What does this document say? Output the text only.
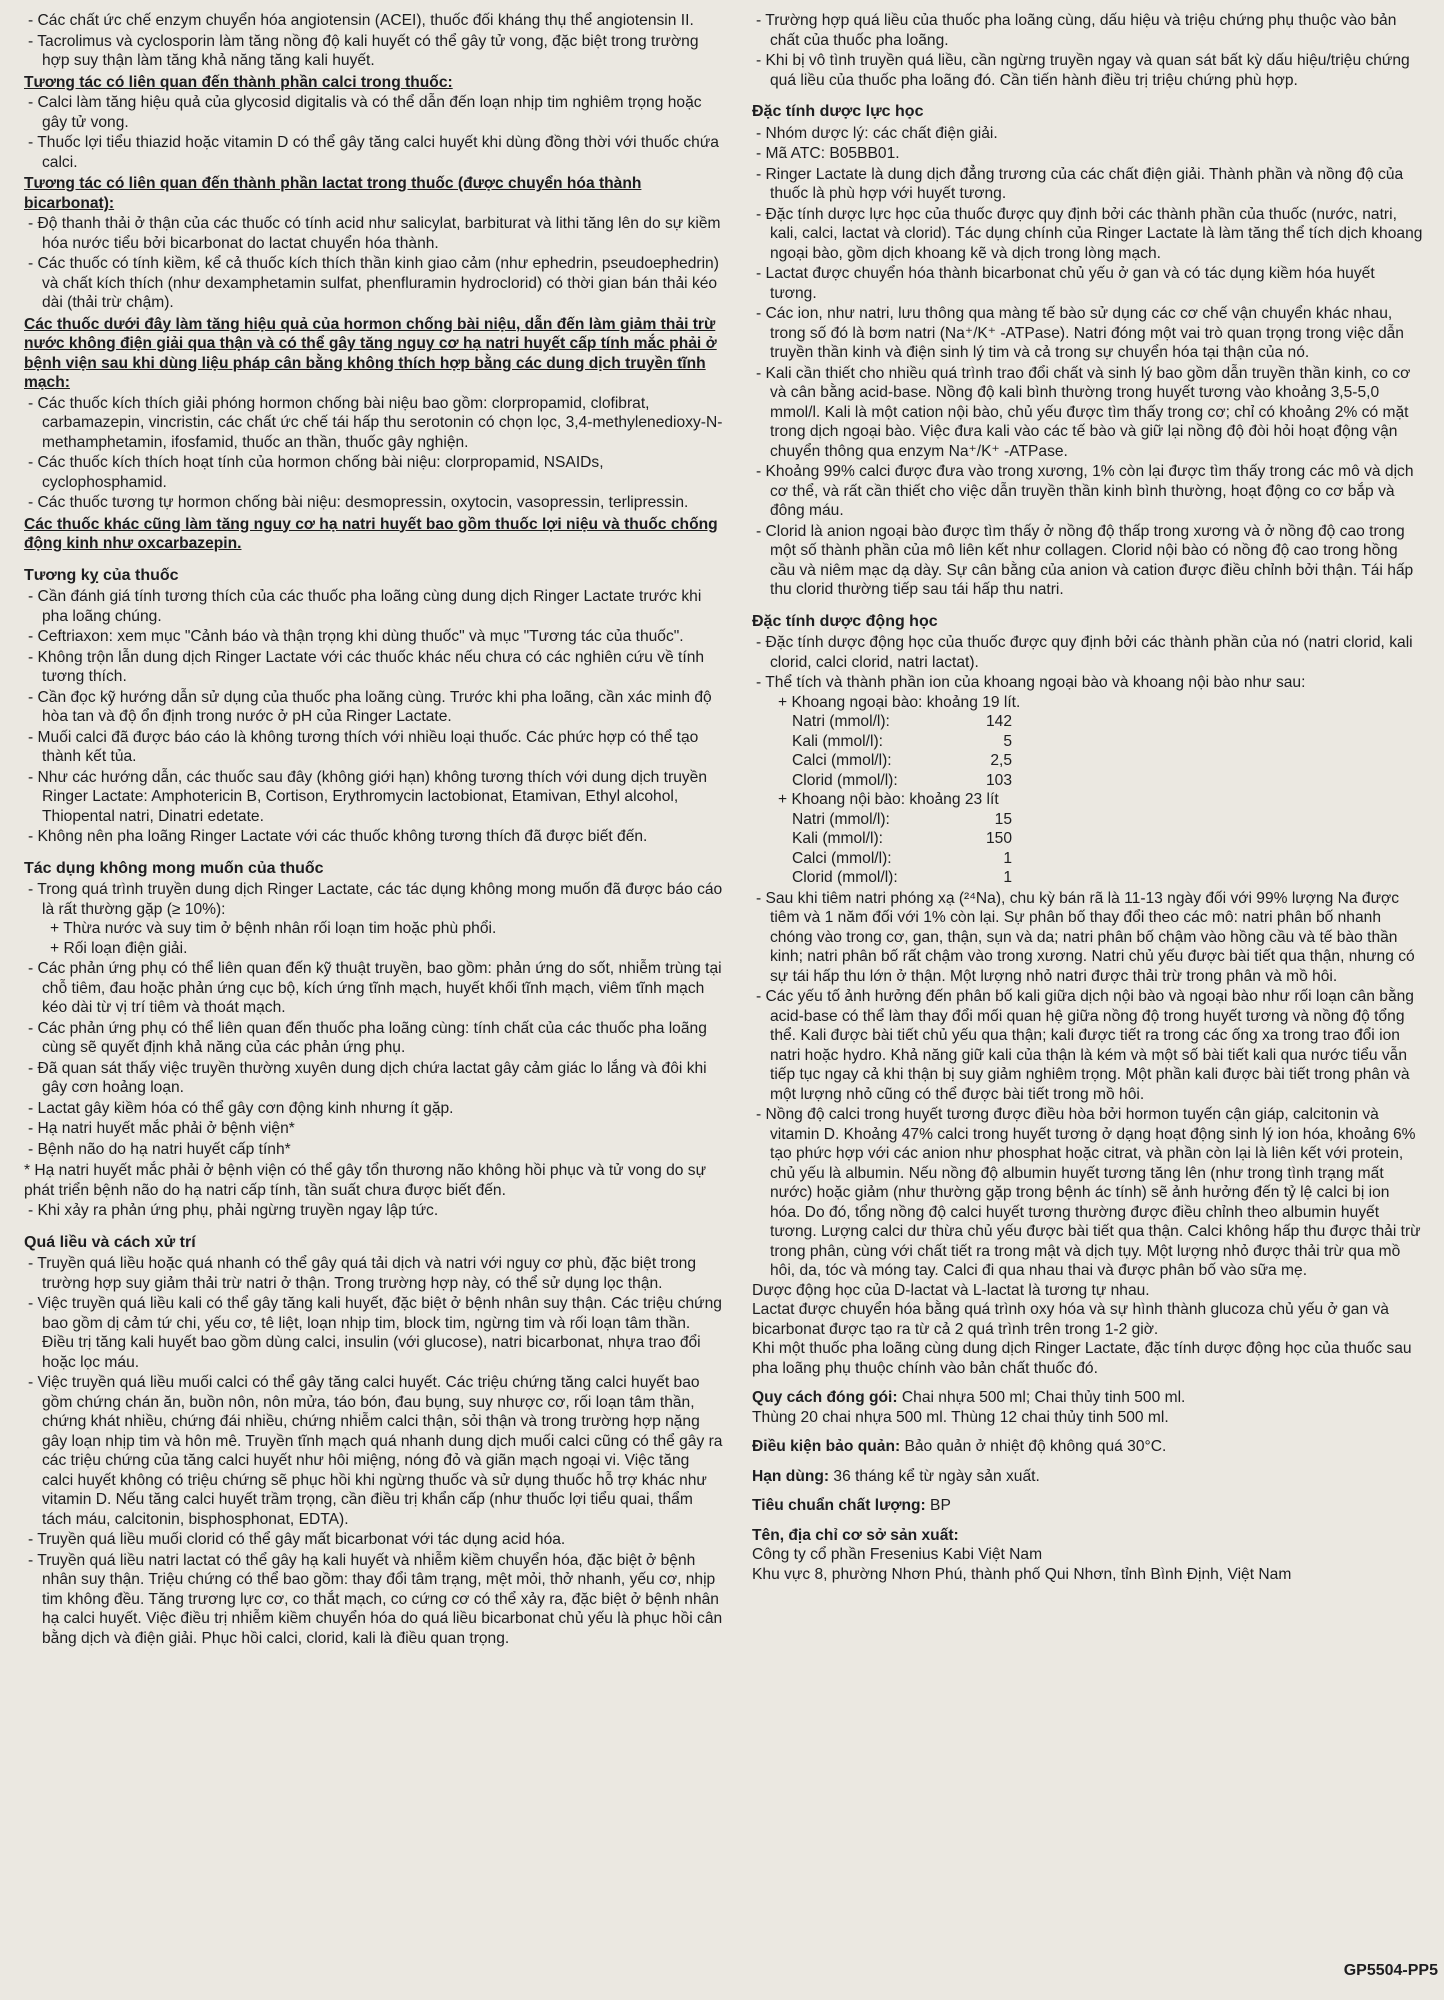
- Các chất ức chế enzym chuyển hóa angiotensin (ACEI), thuốc đối kháng thụ thể angiotensin II.

- Tacrolimus và cyclosporin làm tăng nồng độ kali huyết có thể gây tử vong, đặc biệt trong trường hợp suy thận làm tăng khả năng tăng kali huyết.

Tương tác có liên quan đến thành phần calci trong thuốc:

- Calci làm tăng hiệu quả của glycosid digitalis và có thể dẫn đến loạn nhịp tim nghiêm trọng hoặc gây tử vong.

- Thuốc lợi tiểu thiazid hoặc vitamin D có thể gây tăng calci huyết khi dùng đồng thời với thuốc chứa calci.

Tương tác có liên quan đến thành phần lactat trong thuốc (được chuyển hóa thành bicarbonat):

- Độ thanh thải ở thận của các thuốc có tính acid như salicylat, barbiturat và lithi tăng lên do sự kiềm hóa nước tiểu bởi bicarbonat do lactat chuyển hóa thành.

- Các thuốc có tính kiềm, kể cả thuốc kích thích thần kinh giao cảm (như ephedrin, pseudoephedrin) và chất kích thích (như dexamphetamin sulfat, phenfluramin hydroclorid) có thời gian bán thải kéo dài (thải trừ chậm).

Các thuốc dưới đây làm tăng hiệu quả của hormon chống bài niệu, dẫn đến làm giảm thải trừ nước không điện giải qua thận và có thể gây tăng nguy cơ hạ natri huyết cấp tính mắc phải ở bệnh viện sau khi dùng liệu pháp cân bằng không thích hợp bằng các dung dịch truyền tĩnh mạch:

- Các thuốc kích thích giải phóng hormon chống bài niệu bao gồm: clorpropamid, clofibrat, carbamazepin, vincristin, các chất ức chế tái hấp thu serotonin có chọn lọc, 3,4-methylenedioxy-N-methamphetamin, ifosfamid, thuốc an thần, thuốc gây nghiện.

- Các thuốc kích thích hoạt tính của hormon chống bài niệu: clorpropamid, NSAIDs, cyclophosphamid.

- Các thuốc tương tự hormon chống bài niệu: desmopressin, oxytocin, vasopressin, terlipressin.

Các thuốc khác cũng làm tăng nguy cơ hạ natri huyết bao gồm thuốc lợi niệu và thuốc chống động kinh như oxcarbazepin.

Tương kỵ của thuốc

- Cần đánh giá tính tương thích của các thuốc pha loãng cùng dung dịch Ringer Lactate trước khi pha loãng chúng.

- Ceftriaxon: xem mục "Cảnh báo và thận trọng khi dùng thuốc" và mục "Tương tác của thuốc".

- Không trộn lẫn dung dịch Ringer Lactate với các thuốc khác nếu chưa có các nghiên cứu về tính tương thích.

- Cần đọc kỹ hướng dẫn sử dụng của thuốc pha loãng cùng. Trước khi pha loãng, cần xác minh độ hòa tan và độ ổn định trong nước ở pH của Ringer Lactate.

- Muối calci đã được báo cáo là không tương thích với nhiều loại thuốc. Các phức hợp có thể tạo thành kết tủa.

- Như các hướng dẫn, các thuốc sau đây (không giới hạn) không tương thích với dung dịch truyền Ringer Lactate: Amphotericin B, Cortison, Erythromycin lactobionat, Etamivan, Ethyl alcohol, Thiopental natri, Dinatri edetate.

- Không nên pha loãng Ringer Lactate với các thuốc không tương thích đã được biết đến.

Tác dụng không mong muốn của thuốc

- Trong quá trình truyền dung dịch Ringer Lactate, các tác dụng không mong muốn đã được báo cáo là rất thường gặp (≥ 10%):

+ Thừa nước và suy tim ở bệnh nhân rối loạn tim hoặc phù phổi.

+ Rối loạn điện giải.

- Các phản ứng phụ có thể liên quan đến kỹ thuật truyền, bao gồm: phản ứng do sốt, nhiễm trùng tại chỗ tiêm, đau hoặc phản ứng cục bộ, kích ứng tĩnh mạch, huyết khối tĩnh mạch, viêm tĩnh mạch kéo dài từ vị trí tiêm và thoát mạch.

- Các phản ứng phụ có thể liên quan đến thuốc pha loãng cùng: tính chất của các thuốc pha loãng cùng sẽ quyết định khả năng của các phản ứng phụ.

- Đã quan sát thấy việc truyền thường xuyên dung dịch chứa lactat gây cảm giác lo lắng và đôi khi gây cơn hoảng loạn.

- Lactat gây kiềm hóa có thể gây cơn động kinh nhưng ít gặp.

- Hạ natri huyết mắc phải ở bệnh viện*

- Bệnh não do hạ natri huyết cấp tính*

* Hạ natri huyết mắc phải ở bệnh viện có thể gây tổn thương não không hồi phục và tử vong do sự phát triển bệnh não do hạ natri cấp tính, tần suất chưa được biết đến.

- Khi xảy ra phản ứng phụ, phải ngừng truyền ngay lập tức.

Quá liều và cách xử trí

- Truyền quá liều hoặc quá nhanh có thể gây quá tải dịch và natri với nguy cơ phù, đặc biệt trong trường hợp suy giảm thải trừ natri ở thận. Trong trường hợp này, có thể sử dụng lọc thận.

- Việc truyền quá liều kali có thể gây tăng kali huyết, đặc biệt ở bệnh nhân suy thận. Các triệu chứng bao gồm dị cảm tứ chi, yếu cơ, tê liệt, loạn nhịp tim, block tim, ngừng tim và rối loạn tâm thần. Điều trị tăng kali huyết bao gồm dùng calci, insulin (với glucose), natri bicarbonat, nhựa trao đổi hoặc lọc máu.

- Việc truyền quá liều muối calci có thể gây tăng calci huyết. Các triệu chứng tăng calci huyết bao gồm chứng chán ăn, buồn nôn, nôn mửa, táo bón, đau bụng, suy nhược cơ, rối loạn tâm thần, chứng khát nhiều, chứng đái nhiều, chứng nhiễm calci thận, sỏi thận và trong trường hợp nặng gây loạn nhịp tim và hôn mê. Truyền tĩnh mạch quá nhanh dung dịch muối calci cũng có thể gây ra các triệu chứng của tăng calci huyết như hôi miệng, nóng đỏ và giãn mạch ngoại vi. Việc tăng calci huyết không có triệu chứng sẽ phục hồi khi ngừng thuốc và sử dụng thuốc hỗ trợ khác như vitamin D. Nếu tăng calci huyết trầm trọng, cần điều trị khẩn cấp (như thuốc lợi tiểu quai, thẩm tách máu, calcitonin, bisphosphonat, EDTA).

- Truyền quá liều muối clorid có thể gây mất bicarbonat với tác dụng acid hóa.

- Truyền quá liều natri lactat có thể gây hạ kali huyết và nhiễm kiềm chuyển hóa, đặc biệt ở bệnh nhân suy thận. Triệu chứng có thể bao gồm: thay đổi tâm trạng, mệt mỏi, thở nhanh, yếu cơ, nhịp tim không đều. Tăng trương lực cơ, co thắt mạch, co cứng cơ có thể xảy ra, đặc biệt ở bệnh nhân hạ calci huyết. Việc điều trị nhiễm kiềm chuyển hóa do quá liều bicarbonat chủ yếu là phục hồi cân bằng dịch và điện giải. Phục hồi calci, clorid, kali là điều quan trọng.

- Trường hợp quá liều của thuốc pha loãng cùng, dấu hiệu và triệu chứng phụ thuộc vào bản chất của thuốc pha loãng.

- Khi bị vô tình truyền quá liều, cần ngừng truyền ngay và quan sát bất kỳ dấu hiệu/triệu chứng quá liều của thuốc pha loãng đó. Cần tiến hành điều trị triệu chứng phù hợp.

Đặc tính dược lực học

- Nhóm dược lý: các chất điện giải.

- Mã ATC: B05BB01.

- Ringer Lactate là dung dịch đẳng trương của các chất điện giải. Thành phần và nồng độ của thuốc là phù hợp với huyết tương.

- Đặc tính dược lực học của thuốc được quy định bởi các thành phần của thuốc (nước, natri, kali, calci, lactat và clorid). Tác dụng chính của Ringer Lactate là làm tăng thể tích dịch khoang ngoại bào, gồm dịch khoang kẽ và dịch trong lòng mạch.

- Lactat được chuyển hóa thành bicarbonat chủ yếu ở gan và có tác dụng kiềm hóa huyết tương.

- Các ion, như natri, lưu thông qua màng tế bào sử dụng các cơ chế vận chuyển khác nhau, trong số đó là bơm natri (Na⁺/K⁺ -ATPase). Natri đóng một vai trò quan trọng trong việc dẫn truyền thần kinh và điện sinh lý tim và cả trong sự chuyển hóa tại thận của nó.

- Kali cần thiết cho nhiều quá trình trao đổi chất và sinh lý bao gồm dẫn truyền thần kinh, co cơ và cân bằng acid-base. Nồng độ kali bình thường trong huyết tương vào khoảng 3,5-5,0 mmol/l. Kali là một cation nội bào, chủ yếu được tìm thấy trong cơ; chỉ có khoảng 2% có mặt trong dịch ngoại bào. Việc đưa kali vào các tế bào và giữ lại nồng độ đòi hỏi hoạt động vận chuyển thông qua enzym Na⁺/K⁺ -ATPase.

- Khoảng 99% calci được đưa vào trong xương, 1% còn lại được tìm thấy trong các mô và dịch cơ thể, và rất cần thiết cho việc dẫn truyền thần kinh bình thường, hoạt động co cơ bắp và đông máu.

- Clorid là anion ngoại bào được tìm thấy ở nồng độ thấp trong xương và ở nồng độ cao trong một số thành phần của mô liên kết như collagen. Clorid nội bào có nồng độ cao trong hồng cầu và niêm mạc dạ dày. Sự cân bằng của anion và cation được điều chỉnh bởi thận. Tái hấp thu clorid thường tiếp sau tái hấp thu natri.

Đặc tính dược động học

- Đặc tính dược động học của thuốc được quy định bởi các thành phần của nó (natri clorid, kali clorid, calci clorid, natri lactat).

- Thể tích và thành phần ion của khoang ngoại bào và khoang nội bào như sau:

+ Khoang ngoại bào: khoảng 19 lít.

Natri (mmol/l):	142
Kali (mmol/l):	5
Calci (mmol/l):	2,5
Clorid (mmol/l):	103

+ Khoang nội bào: khoảng 23 lít

Natri (mmol/l):	15
Kali (mmol/l):	150
Calci (mmol/l):	1
Clorid (mmol/l):	1

- Sau khi tiêm natri phóng xạ (²⁴Na), chu kỳ bán rã là 11-13 ngày đối với 99% lượng Na được tiêm và 1 năm đối với 1% còn lại. Sự phân bố thay đổi theo các mô: natri phân bố nhanh chóng vào trong cơ, gan, thận, sụn và da; natri phân bố chậm vào hồng cầu và tế bào thần kinh; natri phân bố rất chậm vào trong xương. Natri chủ yếu được bài tiết qua thận, nhưng có sự tái hấp thu lớn ở thận. Một lượng nhỏ natri được thải trừ trong phân và mồ hôi.

- Các yếu tố ảnh hưởng đến phân bố kali giữa dịch nội bào và ngoại bào như rối loạn cân bằng acid-base có thể làm thay đổi mối quan hệ giữa nồng độ trong huyết tương và nồng độ tổng thể. Kali được bài tiết chủ yếu qua thận; kali được tiết ra trong các ống xa trong trao đổi ion natri hoặc hydro. Khả năng giữ kali của thận là kém và một số bài tiết kali qua nước tiểu vẫn tiếp tục ngay cả khi thận bị suy giảm nghiêm trọng. Một phần kali được bài tiết trong phân và một lượng nhỏ cũng có thể được bài tiết trong mồ hôi.

- Nồng độ calci trong huyết tương được điều hòa bởi hormon tuyến cận giáp, calcitonin và vitamin D. Khoảng 47% calci trong huyết tương ở dạng hoạt động sinh lý ion hóa, khoảng 6% tạo phức hợp với các anion như phosphat hoặc citrat, và phần còn lại là liên kết với protein, chủ yếu là albumin. Nếu nồng độ albumin huyết tương tăng lên (như trong tình trạng mất nước) hoặc giảm (như thường gặp trong bệnh ác tính) sẽ ảnh hưởng đến tỷ lệ calci bị ion hóa. Do đó, tổng nồng độ calci huyết tương thường được điều chỉnh theo albumin huyết tương. Lượng calci dư thừa chủ yếu được bài tiết qua thận. Calci không hấp thu được thải trừ trong phân, cùng với chất tiết ra trong mật và dịch tụy. Một lượng nhỏ được thải trừ qua mồ hôi, da, tóc và móng tay. Calci đi qua nhau thai và được phân bố vào sữa mẹ.

Dược động học của D-lactat và L-lactat là tương tự nhau.

Lactat được chuyển hóa bằng quá trình oxy hóa và sự hình thành glucoza chủ yếu ở gan và bicarbonat được tạo ra từ cả 2 quá trình trên trong 1-2 giờ.

Khi một thuốc pha loãng cùng dung dịch Ringer Lactate, đặc tính dược động học của thuốc sau pha loãng phụ thuộc chính vào bản chất thuốc đó.

Quy cách đóng gói: Chai nhựa 500 ml; Chai thủy tinh 500 ml.

Thùng 20 chai nhựa 500 ml. Thùng 12 chai thủy tinh 500 ml.

Điều kiện bảo quản: Bảo quản ở nhiệt độ không quá 30°C.

Hạn dùng: 36 tháng kể từ ngày sản xuất.

Tiêu chuẩn chất lượng: BP

Tên, địa chỉ cơ sở sản xuất:

Công ty cổ phần Fresenius Kabi Việt Nam

Khu vực 8, phường Nhơn Phú, thành phố Qui Nhơn, tỉnh Bình Định, Việt Nam

GP5504-PP5
